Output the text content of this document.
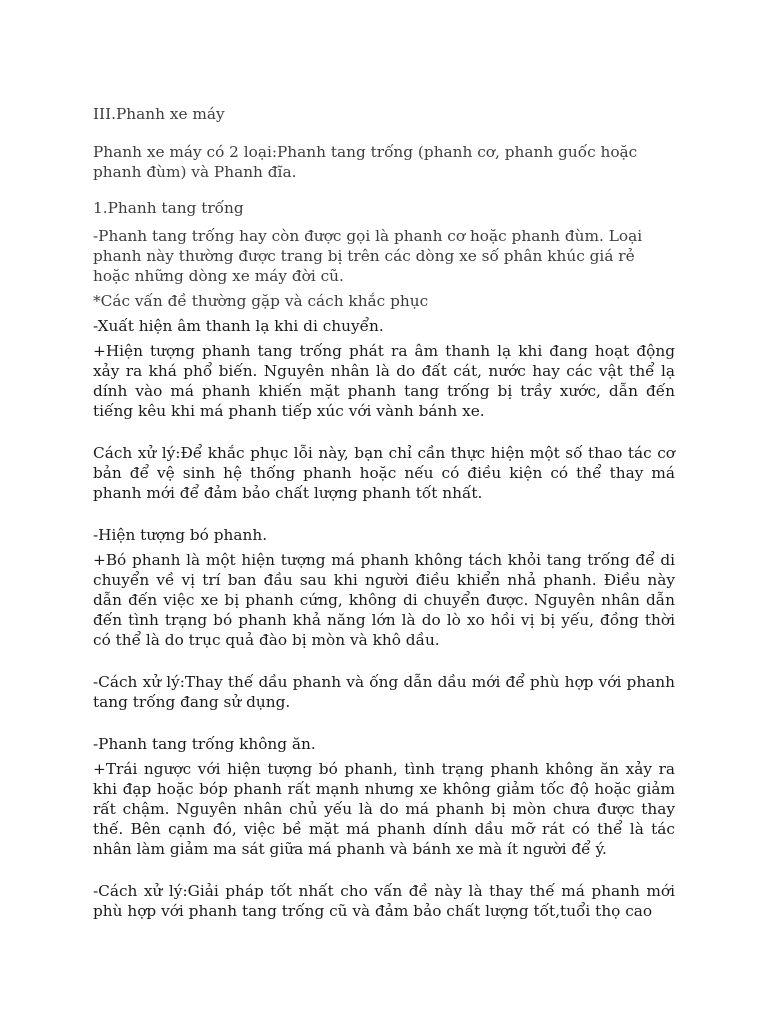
III.Phanh xe máy

Phanh xe máy có 2 loại:Phanh tang trống (phanh cơ, phanh guốc hoặc phanh đùm) và Phanh đĩa.

1.Phanh tang trống

-Phanh tang trống hay còn được gọi là phanh cơ hoặc phanh đùm. Loại phanh này thường được trang bị trên các dòng xe số phân khúc giá rẻ hoặc những dòng xe máy đời cũ.

*Các vấn đề thường gặp và cách khắc phục

-Xuất hiện âm thanh lạ khi di chuyển.

+Hiện tượng phanh tang trống phát ra âm thanh lạ khi đang hoạt động xảy ra khá phổ biến. Nguyên nhân là do đất cát, nước hay các vật thể lạ dính vào má phanh khiến mặt phanh tang trống bị trầy xước, dẫn đến tiếng kêu khi má phanh tiếp xúc với vành bánh xe.

Cách xử lý:Để khắc phục lỗi này, bạn chỉ cần thực hiện một số thao tác cơ bản để vệ sinh hệ thống phanh hoặc nếu có điều kiện có thể thay má phanh mới để đảm bảo chất lượng phanh tốt nhất.

-Hiện tượng bó phanh.

+Bó phanh là một hiện tượng má phanh không tách khỏi tang trống để di chuyển về vị trí ban đầu sau khi người điều khiển nhả phanh. Điều này dẫn đến việc xe bị phanh cứng, không di chuyển được. Nguyên nhân dẫn đến tình trạng bó phanh khả năng lớn là do lò xo hồi vị bị yếu, đồng thời có thể là do trục quả đào bị mòn và khô dầu.

-Cách xử lý:Thay thế dầu phanh và ống dẫn dầu mới để phù hợp với phanh tang trống đang sử dụng.

-Phanh tang trống không ăn.

+Trái ngược với hiện tượng bó phanh, tình trạng phanh không ăn xảy ra khi đạp hoặc bóp phanh rất mạnh nhưng xe không giảm tốc độ hoặc giảm rất chậm. Nguyên nhân chủ yếu là do má phanh bị mòn chưa được thay thế. Bên cạnh đó, việc bề mặt má phanh dính dầu mỡ rát có thể là tác nhân làm giảm ma sát giữa má phanh và bánh xe mà ít người để ý.

-Cách xử lý:Giải pháp tốt nhất cho vấn đề này là thay thế má phanh mới phù hợp với phanh tang trống cũ và đảm bảo chất lượng tốt,tuổi thọ cao
